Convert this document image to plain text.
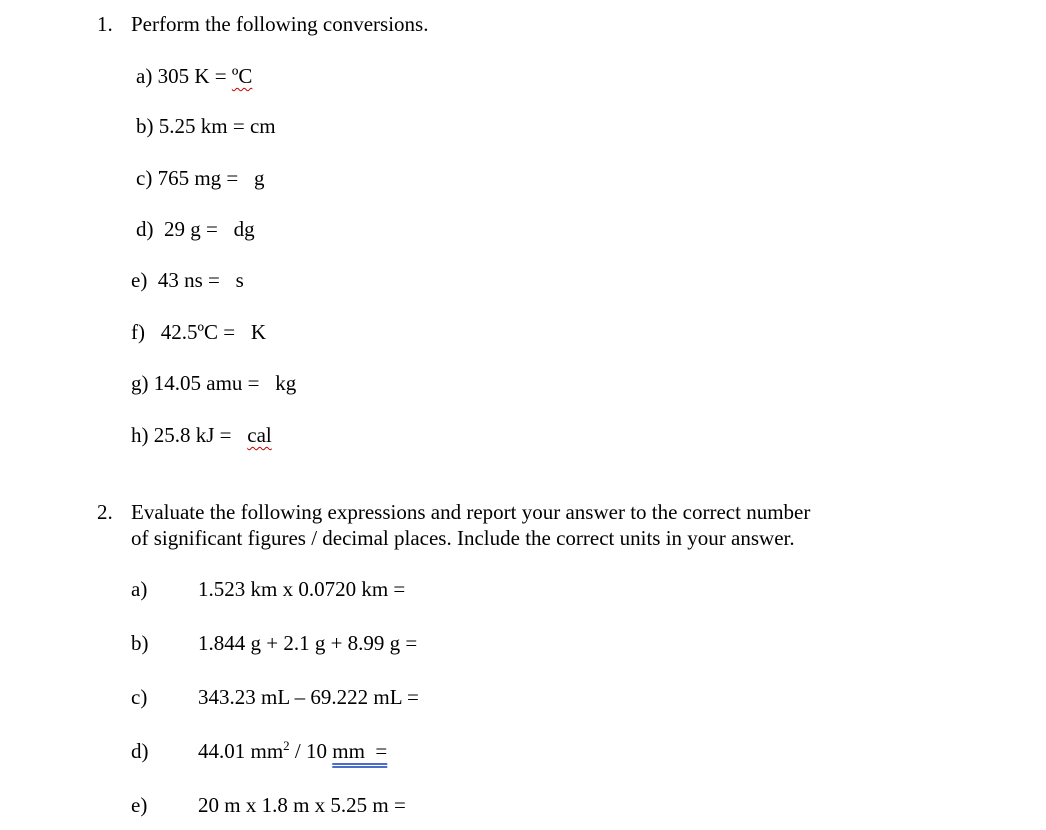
1. Perform the following conversions.
a) 305 K = ºC
b) 5.25 km = cm
c) 765 mg = g
d) 29 g = dg
e) 43 ns = s
f) 42.5ºC = K
g) 14.05 amu = kg
h) 25.8 kJ = cal
2. Evaluate the following expressions and report your answer to the correct number
of significant figures / decimal places. Include the correct units in your answer.
a) 1.523 km x 0.0720 km =
b) 1.844 g + 2.1 g + 8.99 g =
c) 343.23 mL – 69.222 mL =
d) 44.01 $mm^2 / 10$ mm  =
e) 20 m x 1.8 m x 5.25 m =
